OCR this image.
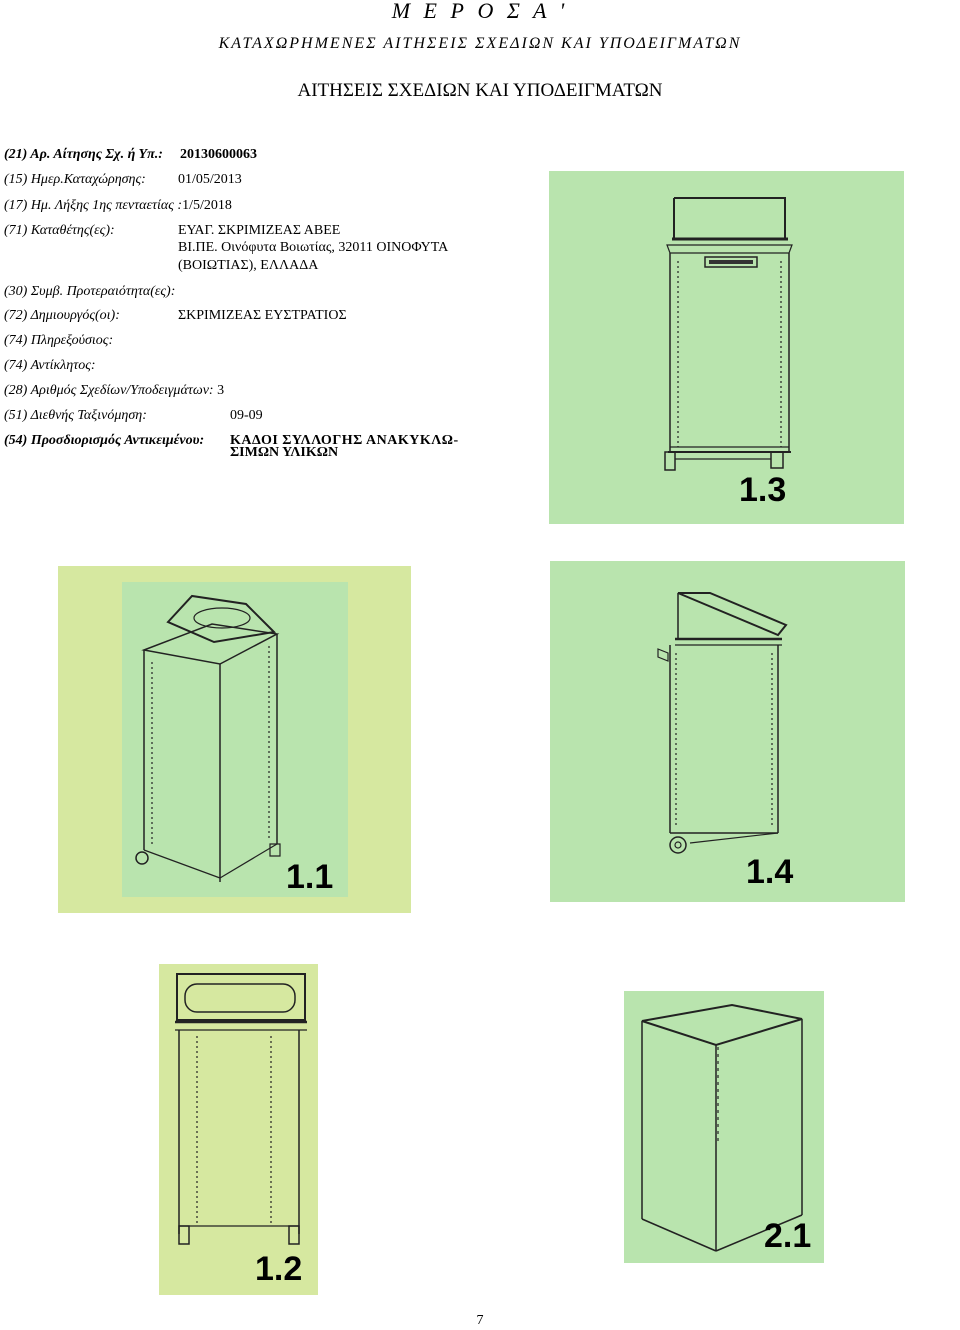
Μ Ε Ρ Ο Σ Α '
ΚΑΤΑΧΩΡΗΜΕΝΕΣ ΑΙΤΗΣΕΙΣ ΣΧΕΔΙΩΝ ΚΑΙ ΥΠΟΔΕΙΓΜΑΤΩΝ
ΑΙΤΗΣΕΙΣ ΣΧΕΔΙΩΝ ΚΑΙ ΥΠΟΔΕΙΓΜΑΤΩΝ
(21) Αρ. Αίτησης Σχ. ή Υπ.: 20130600063
(15) Ημερ.Καταχώρησης: 01/05/2013
(17) Ημ. Λήξης 1ης πενταετίας :1/5/2018
(71) Καταθέτης(ες):	ΕΥΑΓ. ΣΚΡΙΜΙΖΕΑΣ ΑΒΕΕ
ΒΙ.ΠΕ. Οινόφυτα Βοιωτίας, 32011 ΟΙΝΟΦΥΤΑ
(ΒΟΙΩΤΙΑΣ), ΕΛΛΑΔΑ
(30) Συμβ. Προτεραιότητα(ες):
(72) Δημιουργός(οι):	ΣΚΡΙΜΙΖΕΑΣ ΕΥΣΤΡΑΤΙΟΣ
(74) Πληρεξούσιος:
(74) Αντίκλητος:
(28) Αριθμός Σχεδίων/Υποδειγμάτων: 3
(51) Διεθνής Ταξινόμηση:	09-09
(54) Προσδιορισμός Αντικειμένου: ΚΑΔΟΙ ΣΥΛΛΟΓΗΣ ΑΝΑΚΥΚΛΩ-
ΣΙΜΩΝ ΥΛΙΚΩΝ
1.3
1.1	1.4
1.2
2.1
7
